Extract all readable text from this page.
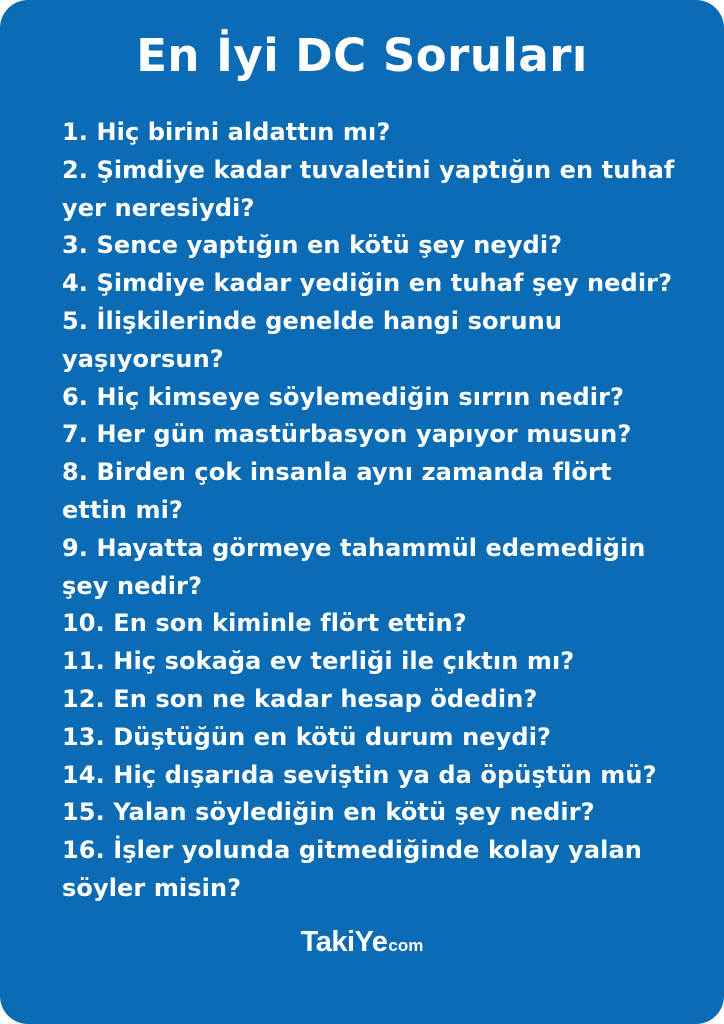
En İyi DC Soruları
1. Hiç birini aldattın mı?
2. Şimdiye kadar tuvaletini yaptığın en tuhaf yer neresiydi?
3. Sence yaptığın en kötü şey neydi?
4. Şimdiye kadar yediğin en tuhaf şey nedir?
5. İlişkilerinde genelde hangi sorunu yaşıyorsun?
6. Hiç kimseye söylemediğin sırrın nedir?
7. Her gün mastürbasyon yapıyor musun?
8. Birden çok insanla aynı zamanda flört ettin mi?
9. Hayatta görmeye tahammül edemediğin şey nedir?
10. En son kiminle flört ettin?
11. Hiç sokağa ev terliği ile çıktın mı?
12. En son ne kadar hesap ödedin?
13. Düştüğün en kötü durum neydi?
14. Hiç dışarıda seviştin ya da öpüştün mü?
15. Yalan söylediğin en kötü şey nedir?
16. İşler yolunda gitmediğinde kolay yalan söyler misin?
TakiYecom
